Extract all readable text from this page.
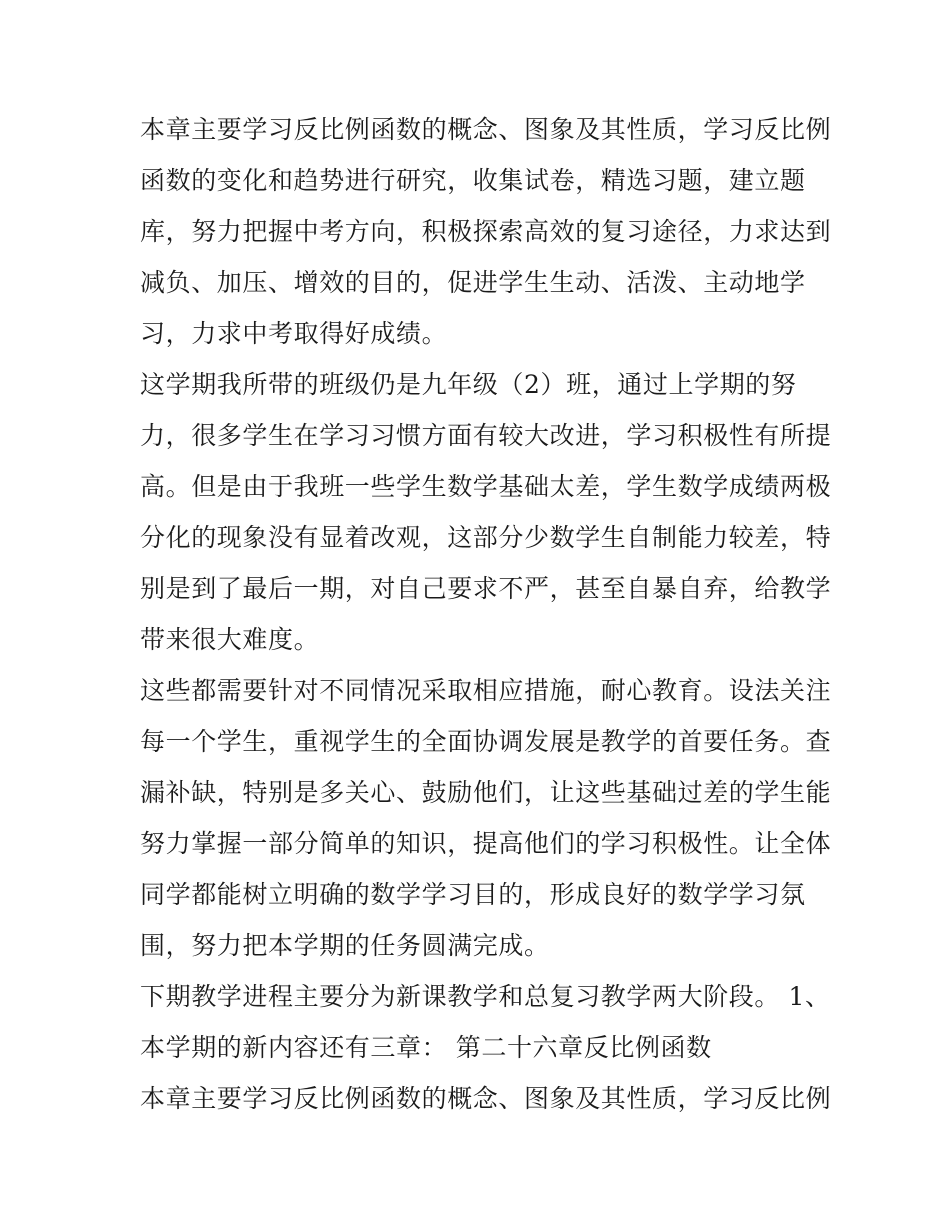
本章主要学习反比例函数的概念、图象及其性质，学习反比例
函数的变化和趋势进行研究，收集试卷，精选习题，建立题
库，努力把握中考方向，积极探索高效的复习途径，力求达到
减负、加压、增效的目的，促进学生生动、活泼、主动地学
习，力求中考取得好成绩。
这学期我所带的班级仍是九年级（2）班，通过上学期的努
力，很多学生在学习习惯方面有较大改进，学习积极性有所提
高。但是由于我班一些学生数学基础太差，学生数学成绩两极
分化的现象没有显着改观，这部分少数学生自制能力较差，特
别是到了最后一期，对自己要求不严，甚至自暴自弃，给教学
带来很大难度。
这些都需要针对不同情况采取相应措施，耐心教育。设法关注
每一个学生，重视学生的全面协调发展是教学的首要任务。查
漏补缺，特别是多关心、鼓励他们，让这些基础过差的学生能
努力掌握一部分简单的知识，提高他们的学习积极性。让全体
同学都能树立明确的数学学习目的，形成良好的数学学习氛
围，努力把本学期的任务圆满完成。
下期教学进程主要分为新课教学和总复习教学两大阶段。 1、
本学期的新内容还有三章： 第二十六章反比例函数
本章主要学习反比例函数的概念、图象及其性质，学习反比例
